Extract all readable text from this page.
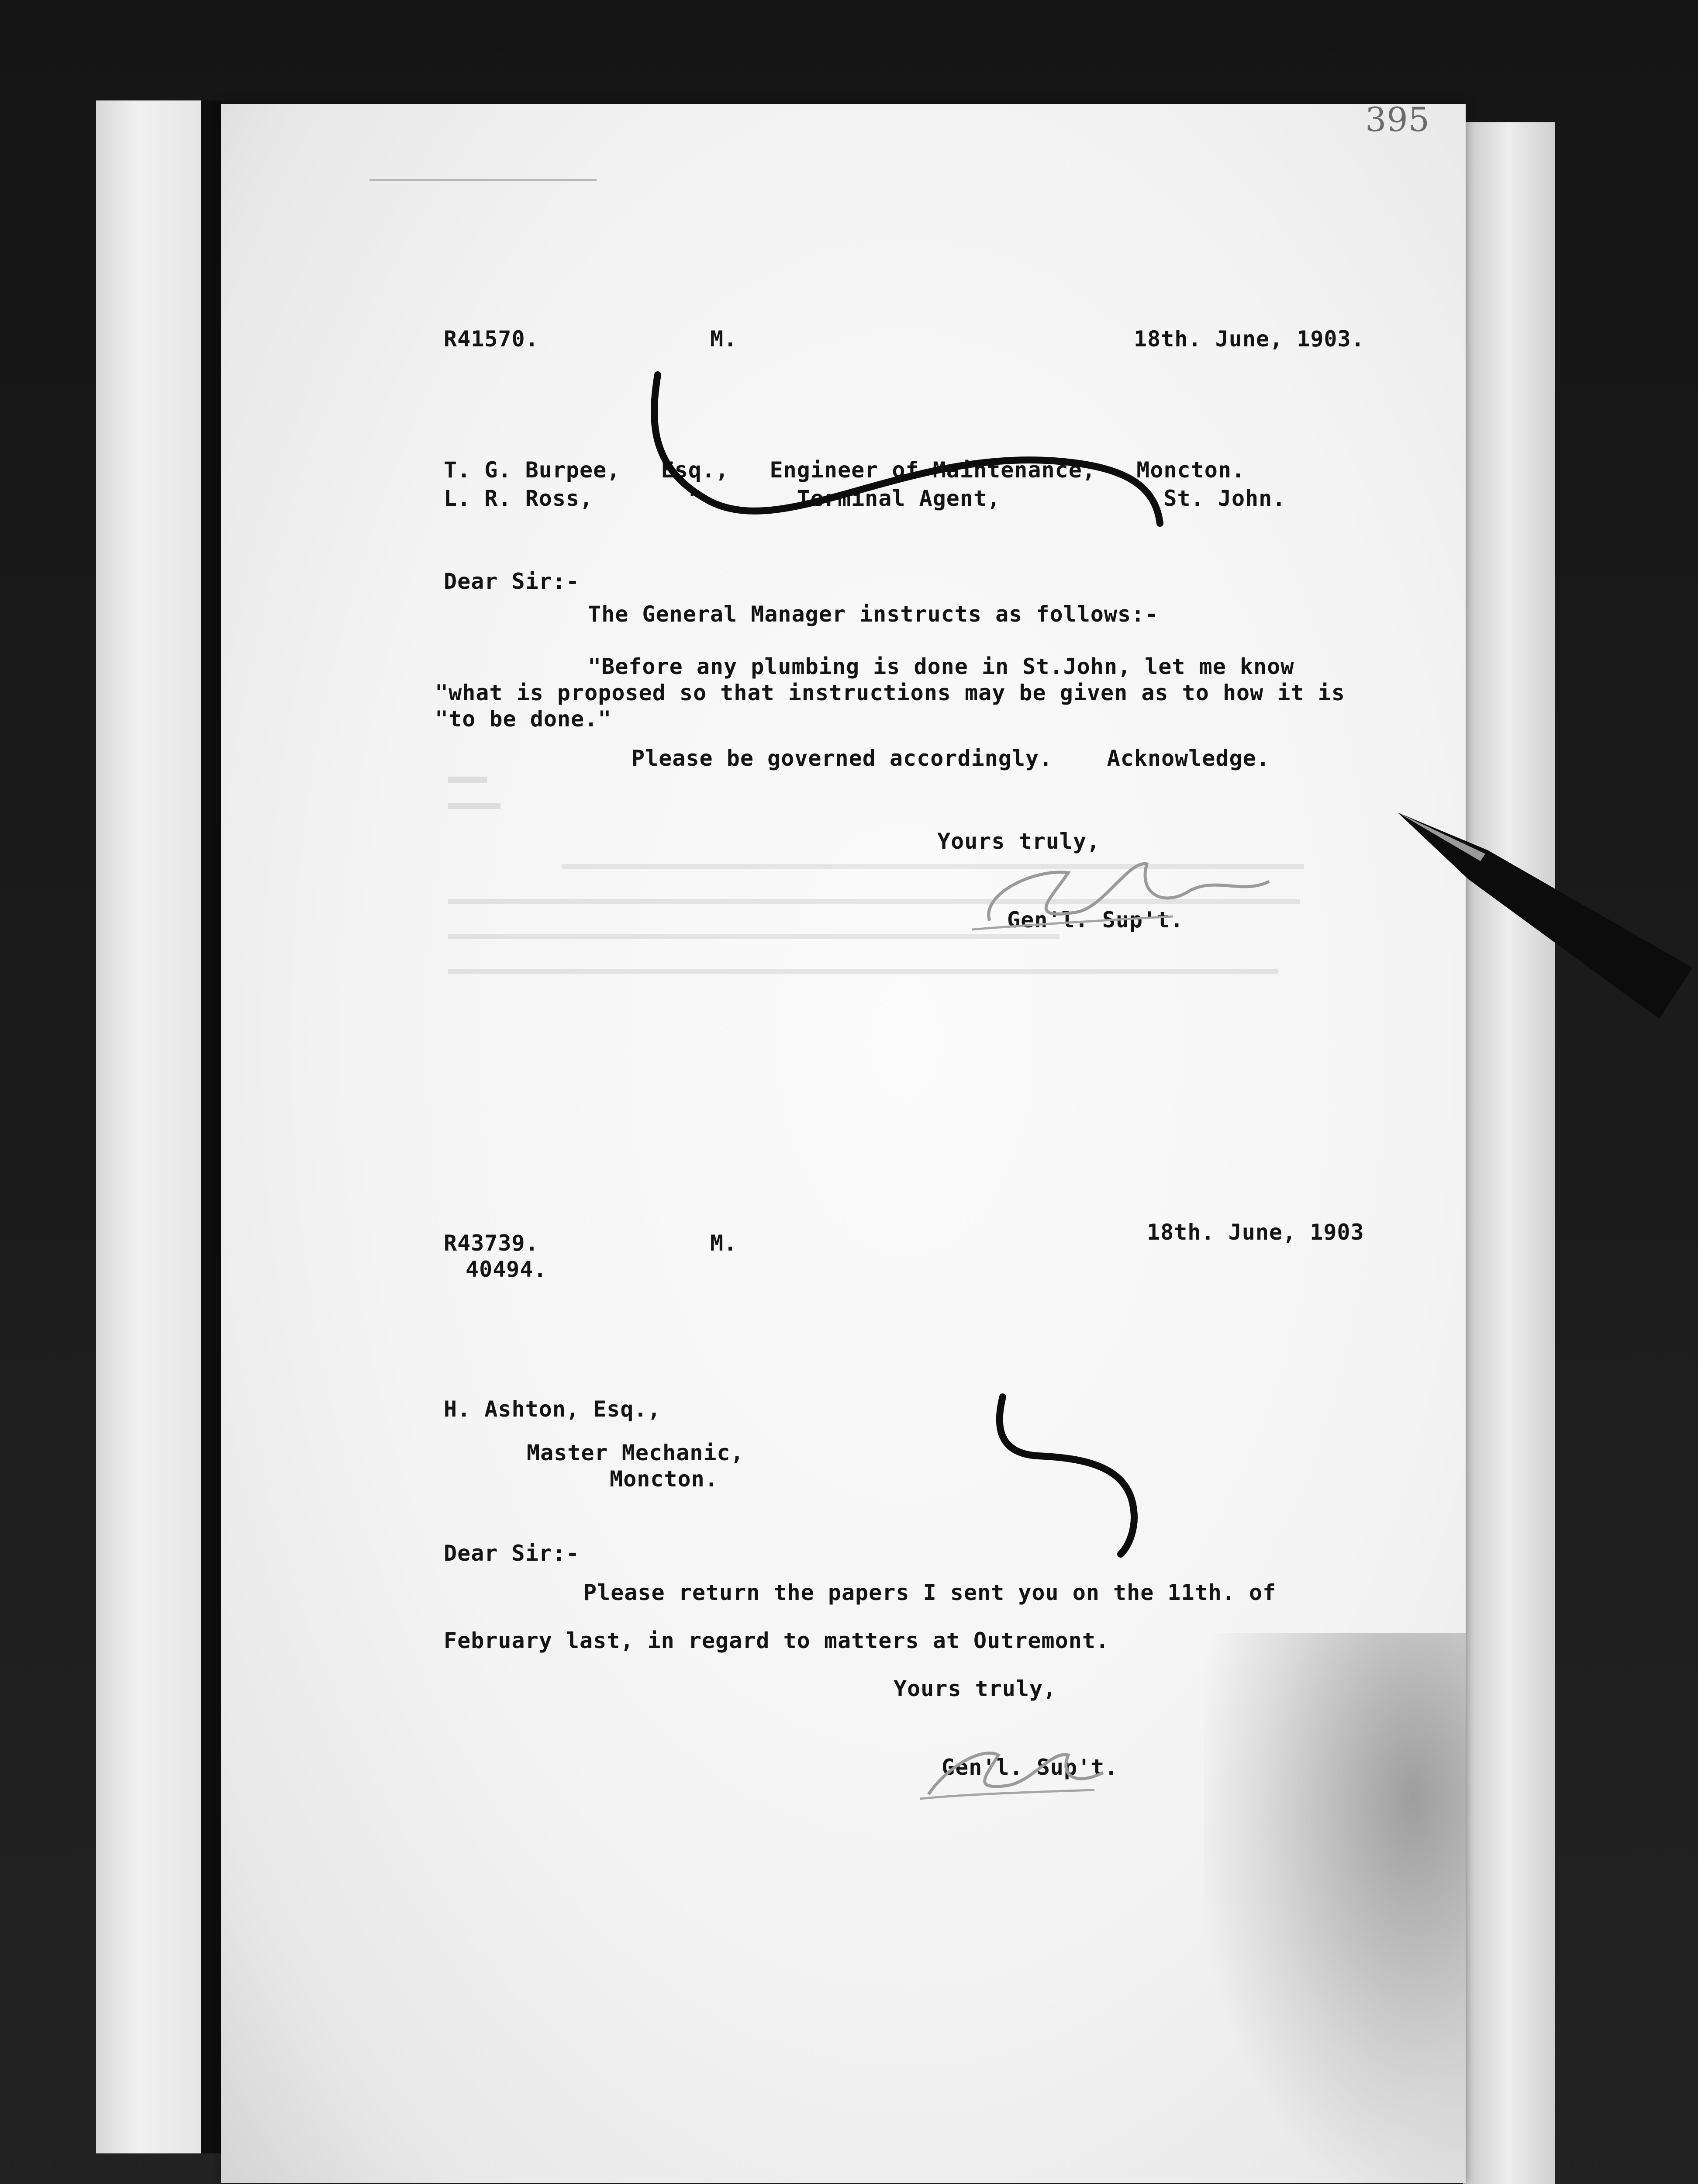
395
R41570.	M.	18th. June, 1903.
T. G. Burpee,   Esq.,   Engineer of Maintenance,   Moncton.
L. R. Ross,       "       Terminal Agent,            St. John.
Dear Sir:-
The General Manager instructs as follows:-
"Before any plumbing is done in St.John, let me know
"what is proposed so that instructions may be given as to how it is
"to be done."
Please be governed accordingly.    Acknowledge.
Yours truly,
Gen'l. Sup't.
R43739.
40494.
M.	18th. June, 1903
H. Ashton, Esq.,
Master Mechanic,
Moncton.
Dear Sir:-
Please return the papers I sent you on the 11th. of
February last, in regard to matters at Outremont.
Yours truly,
Gen'l. Sup't.
